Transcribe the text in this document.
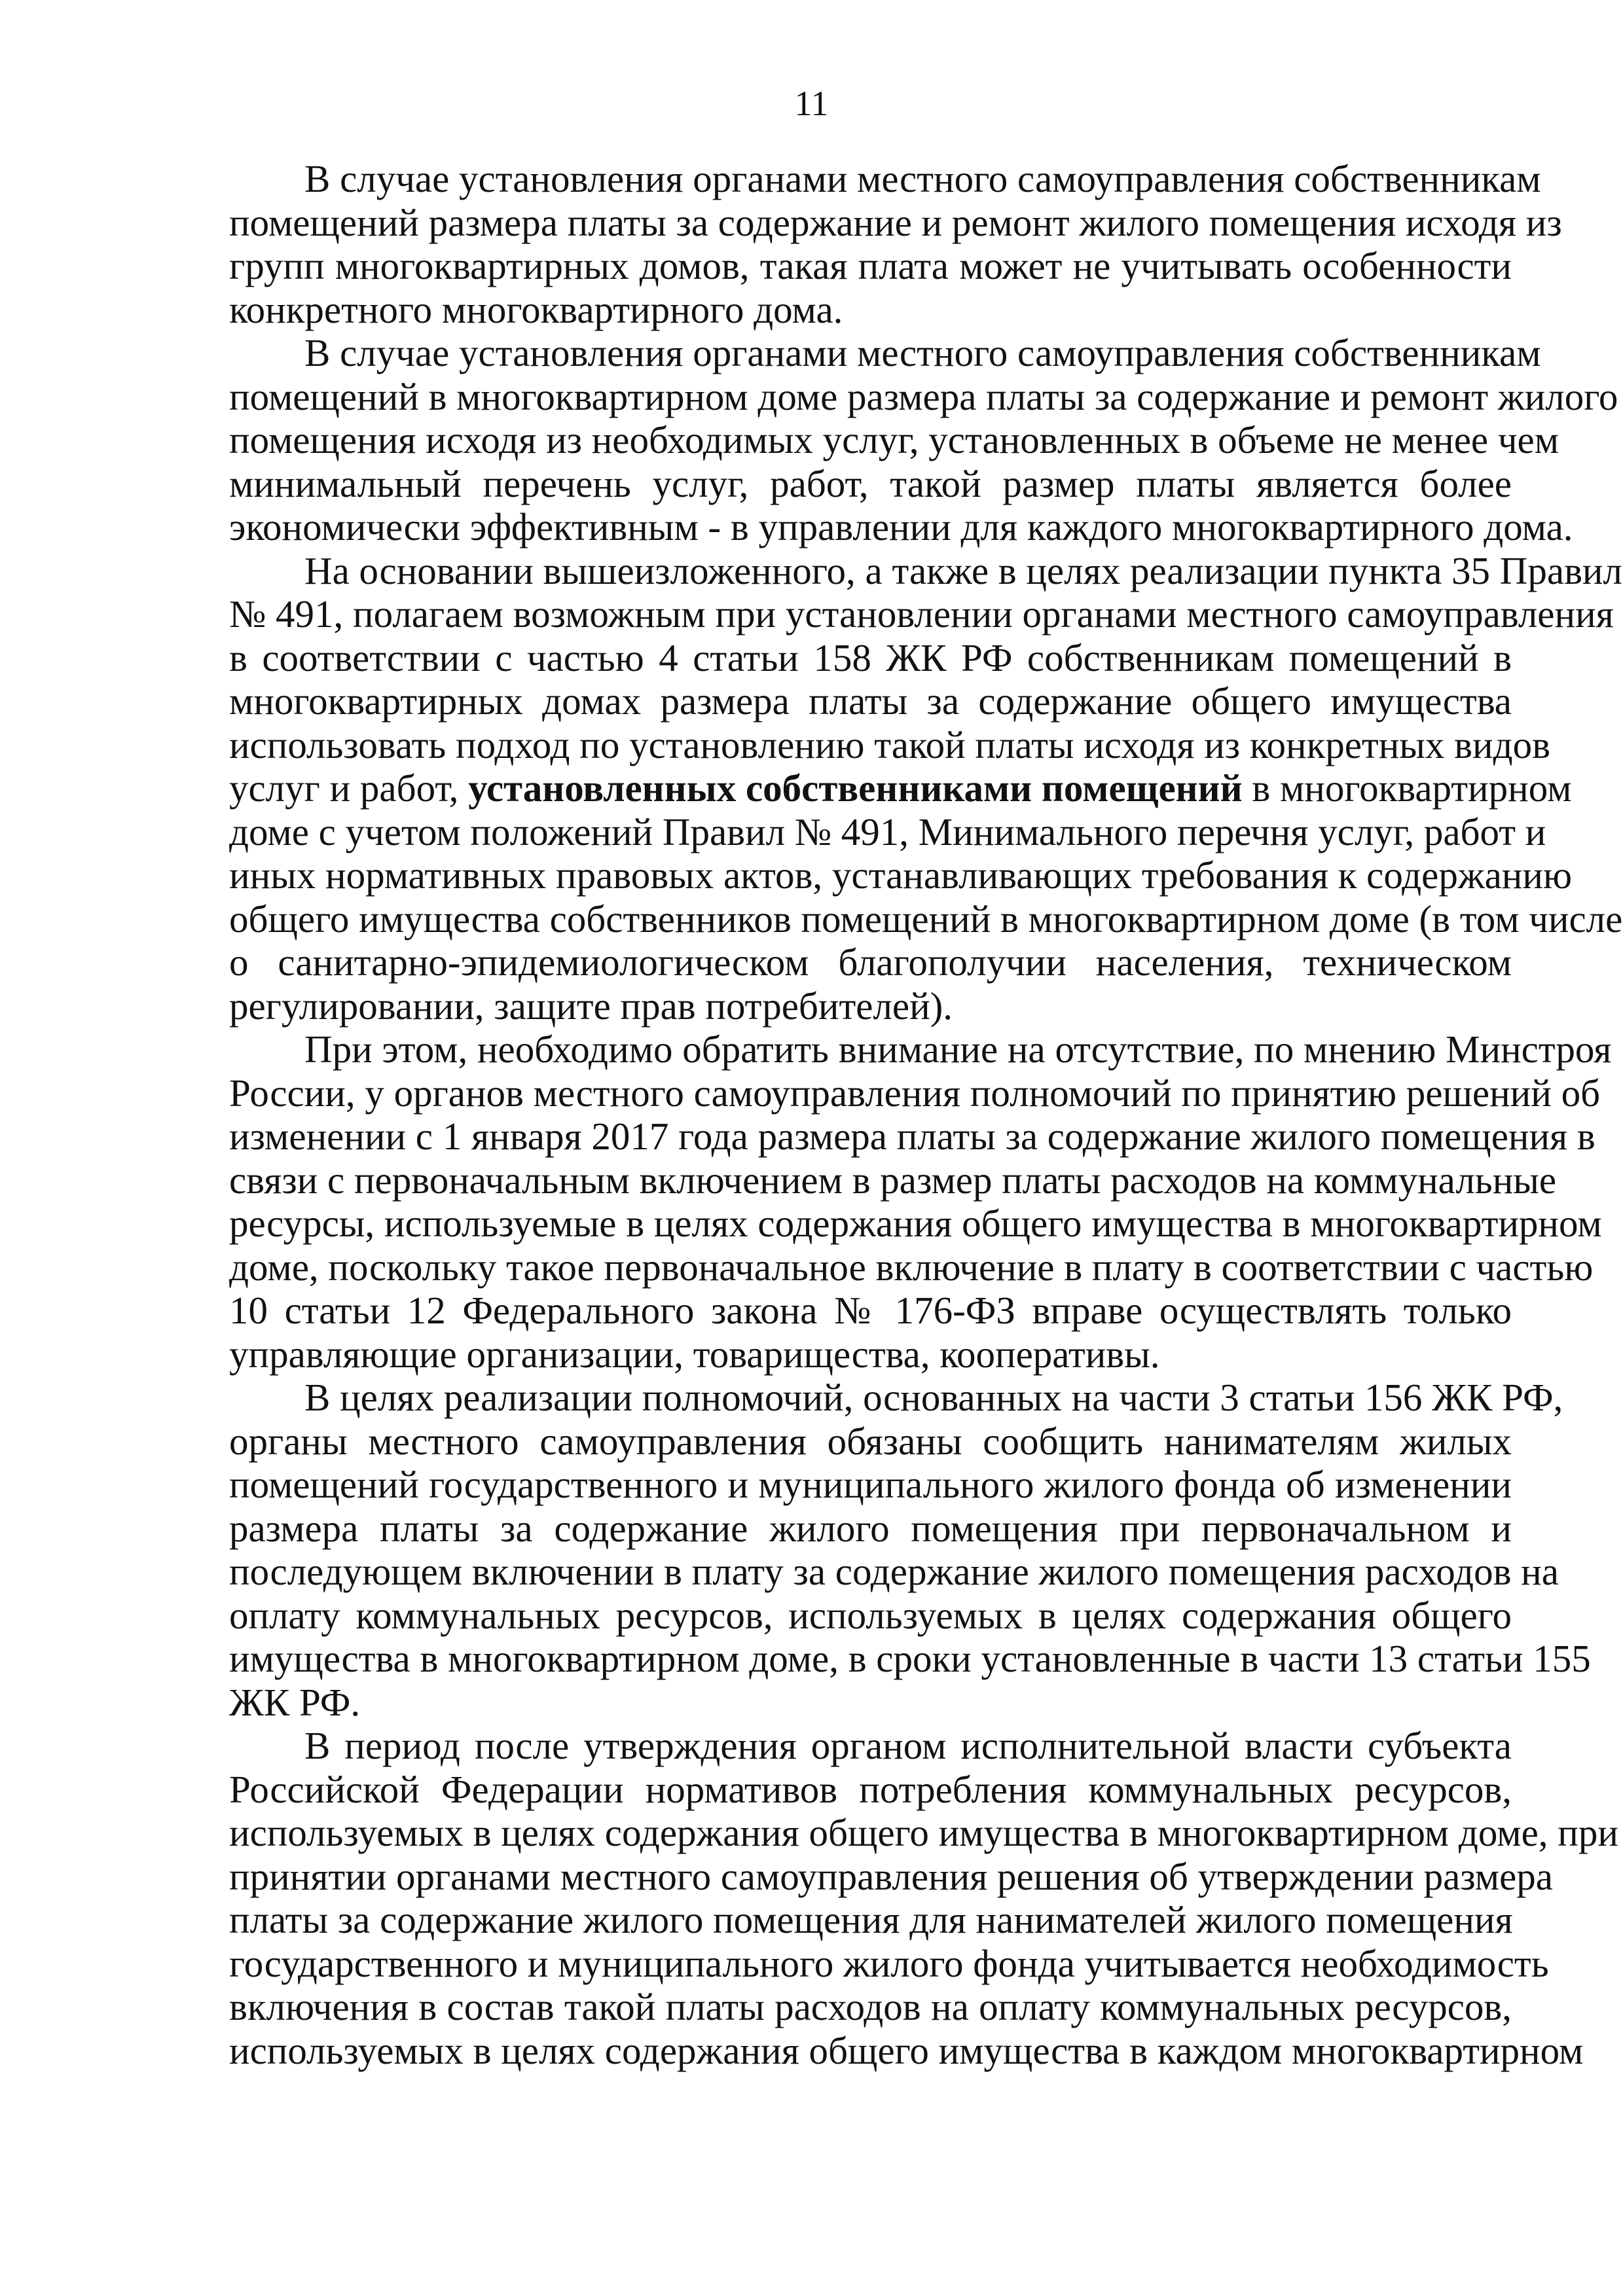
11
В случае установления органами местного самоуправления собственникам
помещений размера платы за содержание и ремонт жилого помещения исходя из
групп многоквартирных домов, такая плата может не учитывать особенности
конкретного многоквартирного дома.
В случае установления органами местного самоуправления собственникам
помещений в многоквартирном доме размера платы за содержание и ремонт жилого
помещения исходя из необходимых услуг, установленных в объеме не менее чем
минимальный перечень услуг, работ, такой размер платы является более
экономически эффективным - в управлении для каждого многоквартирного дома.
На основании вышеизложенного, а также в целях реализации пункта 35 Правил
№ 491, полагаем возможным при установлении органами местного самоуправления
в соответствии с частью 4 статьи 158 ЖК РФ собственникам помещений в
многоквартирных домах размера платы за содержание общего имущества
использовать подход по установлению такой платы исходя из конкретных видов
услуг и работ, установленных собственниками помещений в многоквартирном
доме с учетом положений Правил № 491, Минимального перечня услуг, работ и
иных нормативных правовых актов, устанавливающих требования к содержанию
общего имущества собственников помещений в многоквартирном доме (в том числе
о санитарно-эпидемиологическом благополучии населения, техническом
регулировании, защите прав потребителей).
При этом, необходимо обратить внимание на отсутствие, по мнению Минстроя
России, у органов местного самоуправления полномочий по принятию решений об
изменении с 1 января 2017 года размера платы за содержание жилого помещения в
связи с первоначальным включением в размер платы расходов на коммунальные
ресурсы, используемые в целях содержания общего имущества в многоквартирном
доме, поскольку такое первоначальное включение в плату в соответствии с частью
10 статьи 12 Федерального закона № 176-ФЗ вправе осуществлять только
управляющие организации, товарищества, кооперативы.
В целях реализации полномочий, основанных на части 3 статьи 156 ЖК РФ,
органы местного самоуправления обязаны сообщить нанимателям жилых
помещений государственного и муниципального жилого фонда об изменении
размера платы за содержание жилого помещения при первоначальном и
последующем включении в плату за содержание жилого помещения расходов на
оплату коммунальных ресурсов, используемых в целях содержания общего
имущества в многоквартирном доме, в сроки установленные в части 13 статьи 155
ЖК РФ.
В период после утверждения органом исполнительной власти субъекта
Российской Федерации нормативов потребления коммунальных ресурсов,
используемых в целях содержания общего имущества в многоквартирном доме, при
принятии органами местного самоуправления решения об утверждении размера
платы за содержание жилого помещения для нанимателей жилого помещения
государственного и муниципального жилого фонда учитывается необходимость
включения в состав такой платы расходов на оплату коммунальных ресурсов,
используемых в целях содержания общего имущества в каждом многоквартирном
